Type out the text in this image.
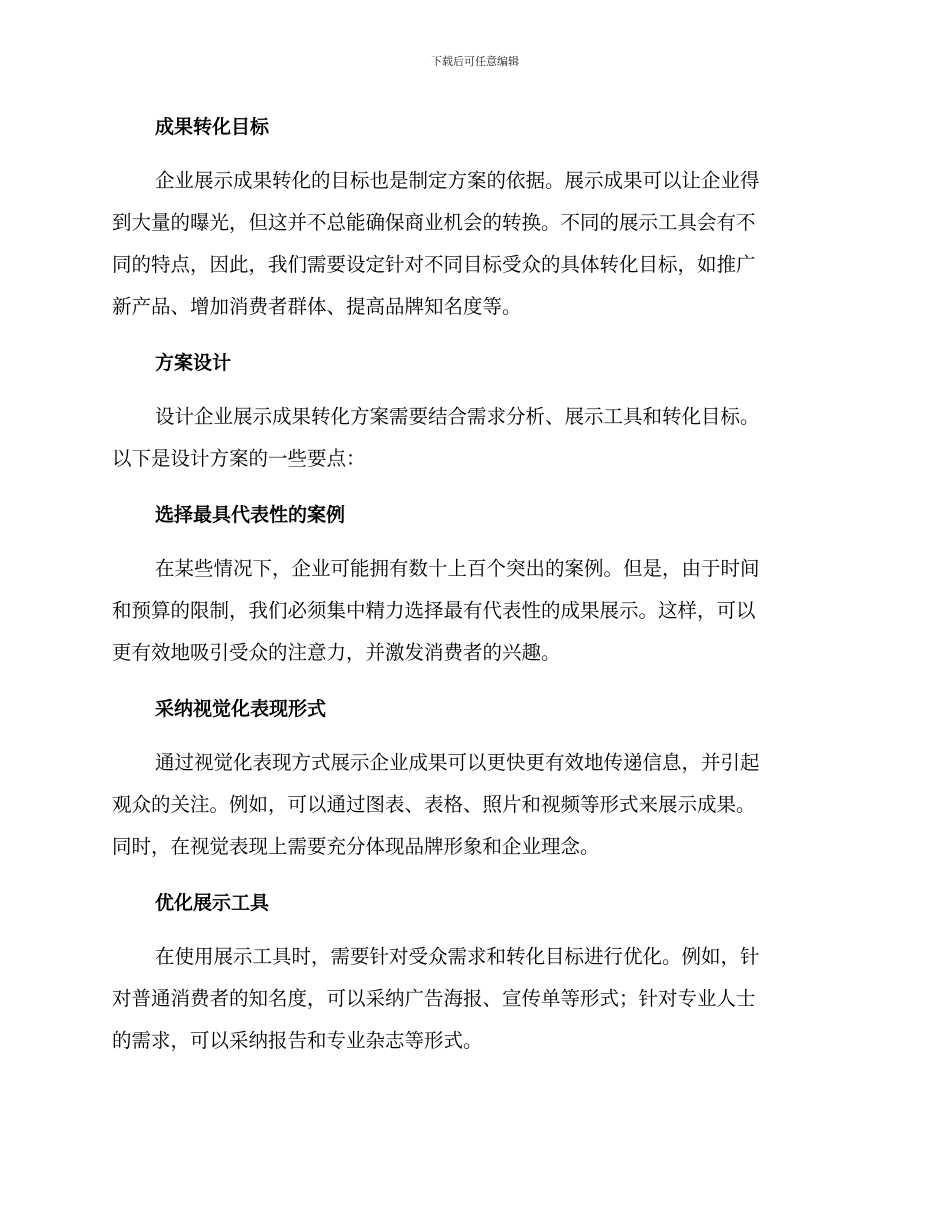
下载后可任意编辑
成果转化目标
企业展示成果转化的目标也是制定方案的依据。展示成果可以让企业得
到大量的曝光，但这并不总能确保商业机会的转换。不同的展示工具会有不
同的特点，因此，我们需要设定针对不同目标受众的具体转化目标，如推广
新产品、增加消费者群体、提高品牌知名度等。
方案设计
设计企业展示成果转化方案需要结合需求分析、展示工具和转化目标。
以下是设计方案的一些要点：
选择最具代表性的案例
在某些情况下，企业可能拥有数十上百个突出的案例。但是，由于时间
和预算的限制，我们必须集中精力选择最有代表性的成果展示。这样，可以
更有效地吸引受众的注意力，并激发消费者的兴趣。
采纳视觉化表现形式
通过视觉化表现方式展示企业成果可以更快更有效地传递信息，并引起
观众的关注。例如，可以通过图表、表格、照片和视频等形式来展示成果。
同时，在视觉表现上需要充分体现品牌形象和企业理念。
优化展示工具
在使用展示工具时，需要针对受众需求和转化目标进行优化。例如，针
对普通消费者的知名度，可以采纳广告海报、宣传单等形式；针对专业人士
的需求，可以采纳报告和专业杂志等形式。
